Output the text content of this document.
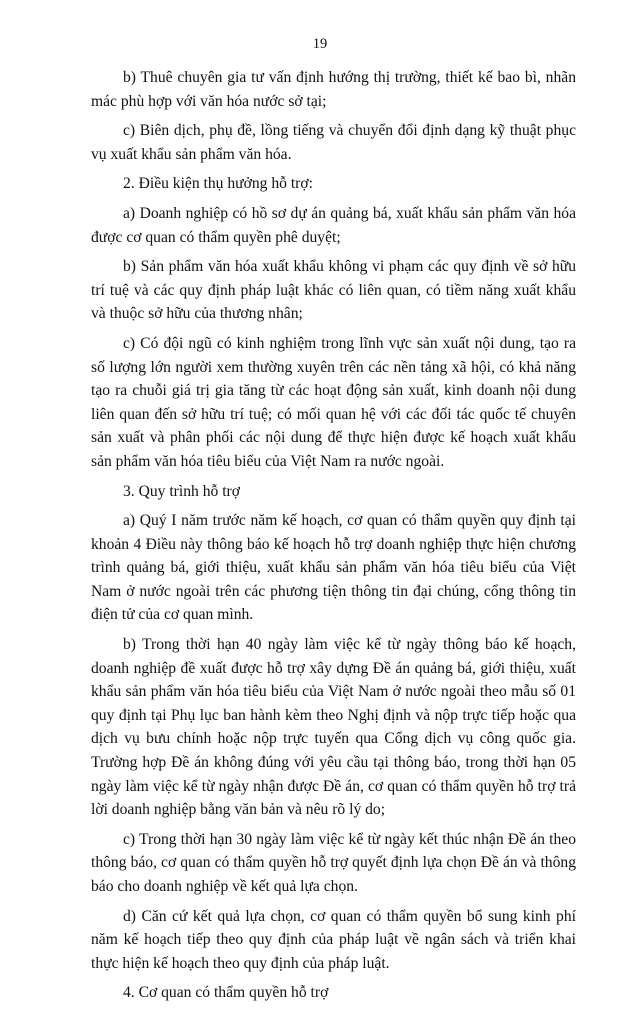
19

b) Thuê chuyên gia tư vấn định hướng thị trường, thiết kế bao bì, nhãn mác phù hợp với văn hóa nước sở tại;

c) Biên dịch, phụ đề, lồng tiếng và chuyển đổi định dạng kỹ thuật phục vụ xuất khẩu sản phẩm văn hóa.

2. Điều kiện thụ hưởng hỗ trợ:

a) Doanh nghiệp có hồ sơ dự án quảng bá, xuất khẩu sản phẩm văn hóa được cơ quan có thẩm quyền phê duyệt;

b) Sản phẩm văn hóa xuất khẩu không vi phạm các quy định về sở hữu trí tuệ và các quy định pháp luật khác có liên quan, có tiềm năng xuất khẩu và thuộc sở hữu của thương nhân;

c) Có đội ngũ có kinh nghiệm trong lĩnh vực sản xuất nội dung, tạo ra số lượng lớn người xem thường xuyên trên các nền tảng xã hội, có khả năng tạo ra chuỗi giá trị gia tăng từ các hoạt động sản xuất, kinh doanh nội dung liên quan đến sở hữu trí tuệ; có mối quan hệ với các đối tác quốc tế chuyên sản xuất và phân phối các nội dung để thực hiện được kế hoạch xuất khẩu sản phẩm văn hóa tiêu biểu của Việt Nam ra nước ngoài.

3. Quy trình hỗ trợ

a) Quý I năm trước năm kế hoạch, cơ quan có thẩm quyền quy định tại khoản 4 Điều này thông báo kế hoạch hỗ trợ doanh nghiệp thực hiện chương trình quảng bá, giới thiệu, xuất khẩu sản phẩm văn hóa tiêu biểu của Việt Nam ở nước ngoài trên các phương tiện thông tin đại chúng, cổng thông tin điện tử của cơ quan mình.

b) Trong thời hạn 40 ngày làm việc kể từ ngày thông báo kế hoạch, doanh nghiệp đề xuất được hỗ trợ xây dựng Đề án quảng bá, giới thiệu, xuất khẩu sản phẩm văn hóa tiêu biểu của Việt Nam ở nước ngoài theo mẫu số 01 quy định tại Phụ lục ban hành kèm theo Nghị định và nộp trực tiếp hoặc qua dịch vụ bưu chính hoặc nộp trực tuyến qua Cổng dịch vụ công quốc gia. Trường hợp Đề án không đúng với yêu cầu tại thông báo, trong thời hạn 05 ngày làm việc kể từ ngày nhận được Đề án, cơ quan có thẩm quyền hỗ trợ trả lời doanh nghiệp bằng văn bản và nêu rõ lý do;

c) Trong thời hạn 30 ngày làm việc kể từ ngày kết thúc nhận Đề án theo thông báo, cơ quan có thẩm quyền hỗ trợ quyết định lựa chọn Đề án và thông báo cho doanh nghiệp về kết quả lựa chọn.

d) Căn cứ kết quả lựa chọn, cơ quan có thẩm quyền bổ sung kinh phí năm kế hoạch tiếp theo quy định của pháp luật về ngân sách và triển khai thực hiện kế hoạch theo quy định của pháp luật.

4. Cơ quan có thẩm quyền hỗ trợ
